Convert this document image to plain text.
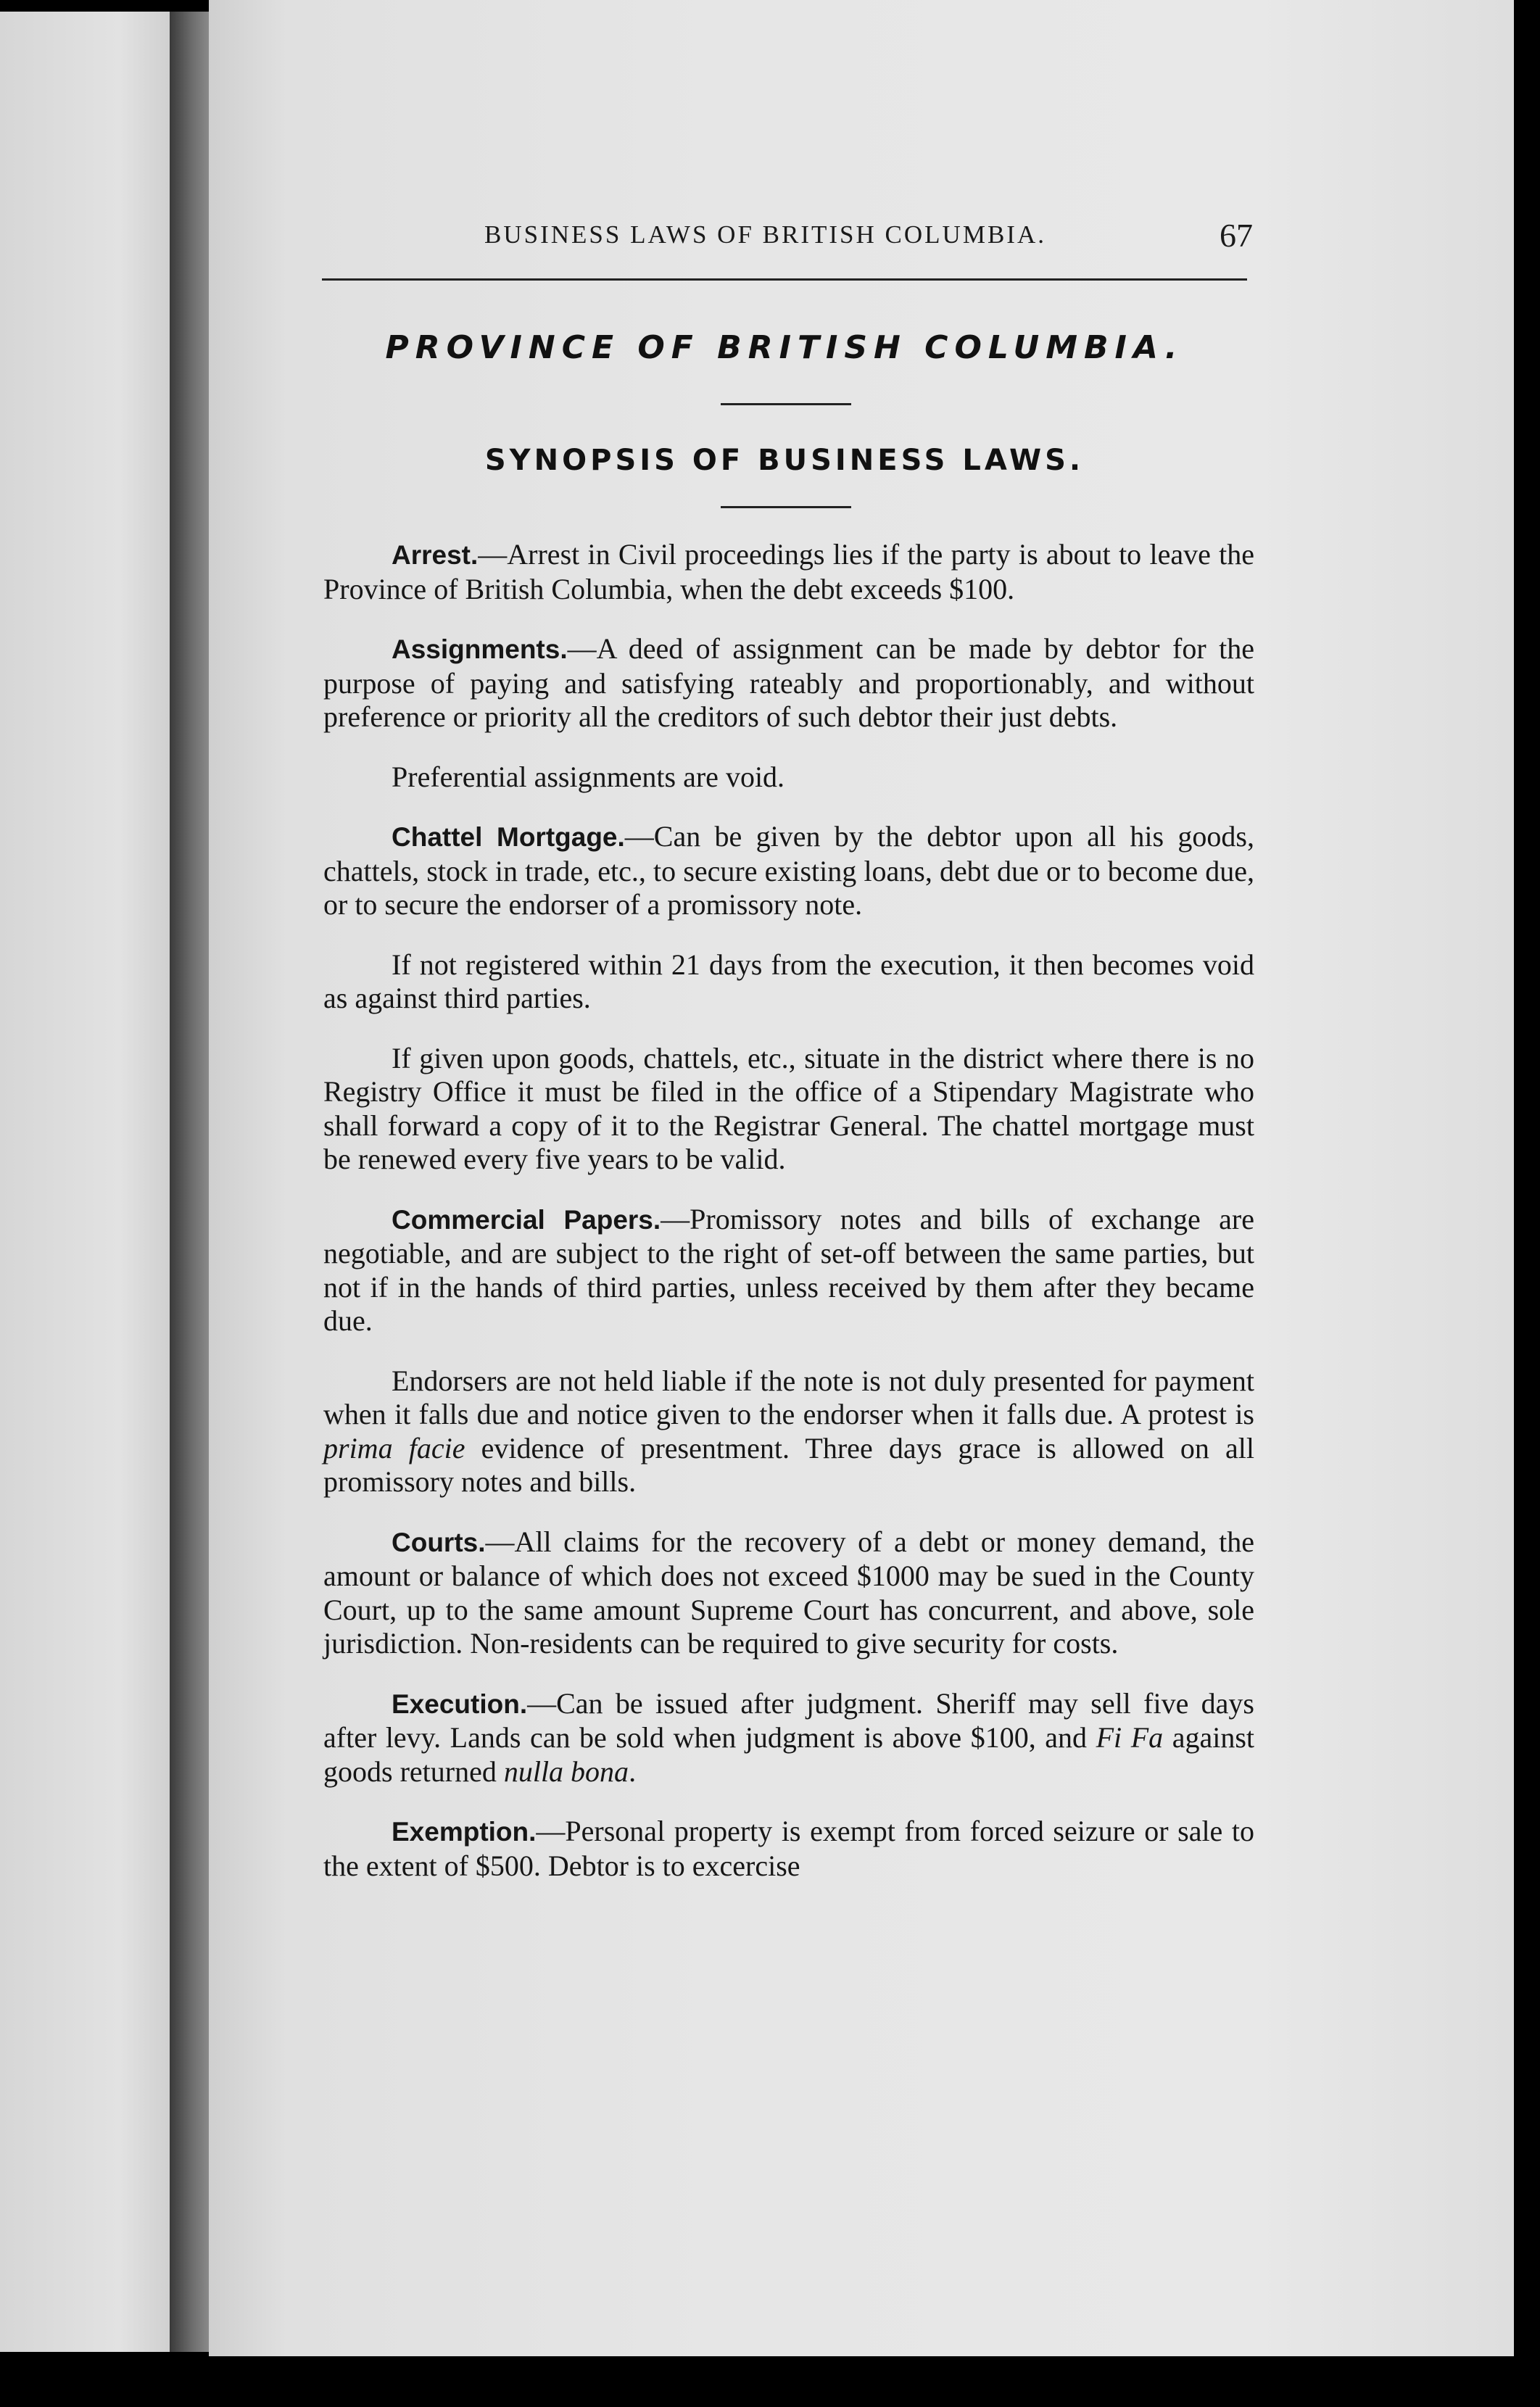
BUSINESS LAWS OF BRITISH COLUMBIA.	67
PROVINCE OF BRITISH COLUMBIA.
SYNOPSIS OF BUSINESS LAWS.

Arrest.—Arrest in Civil proceedings lies if the party is about to leave the Province of British Columbia, when the debt exceeds $100.

Assignments.—A deed of assignment can be made by debtor for the purpose of paying and satisfying rateably and proportionably, and without preference or priority all the creditors of such debtor their just debts.

Preferential assignments are void.

Chattel Mortgage.—Can be given by the debtor upon all his goods, chattels, stock in trade, etc., to secure existing loans, debt due or to become due, or to secure the endorser of a promissory note.

If not registered within 21 days from the execution, it then becomes void as against third parties.

If given upon goods, chattels, etc., situate in the district where there is no Registry Office it must be filed in the office of a Stipendary Magistrate who shall forward a copy of it to the Registrar General. The chattel mortgage must be renewed every five years to be valid.

Commercial Papers.—Promissory notes and bills of exchange are negotiable, and are subject to the right of set-off between the same parties, but not if in the hands of third parties, unless received by them after they became due.

Endorsers are not held liable if the note is not duly presented for payment when it falls due and notice given to the endorser when it falls due. A protest is prima facie evidence of presentment. Three days grace is allowed on all promissory notes and bills.

Courts.—All claims for the recovery of a debt or money demand, the amount or balance of which does not exceed $1000 may be sued in the County Court, up to the same amount Supreme Court has concurrent, and above, sole jurisdiction. Non-residents can be required to give security for costs.

Execution.—Can be issued after judgment. Sheriff may sell five days after levy. Lands can be sold when judgment is above $100, and Fi Fa against goods returned nulla bona.

Exemption.—Personal property is exempt from forced seizure or sale to the extent of $500. Debtor is to excercise
